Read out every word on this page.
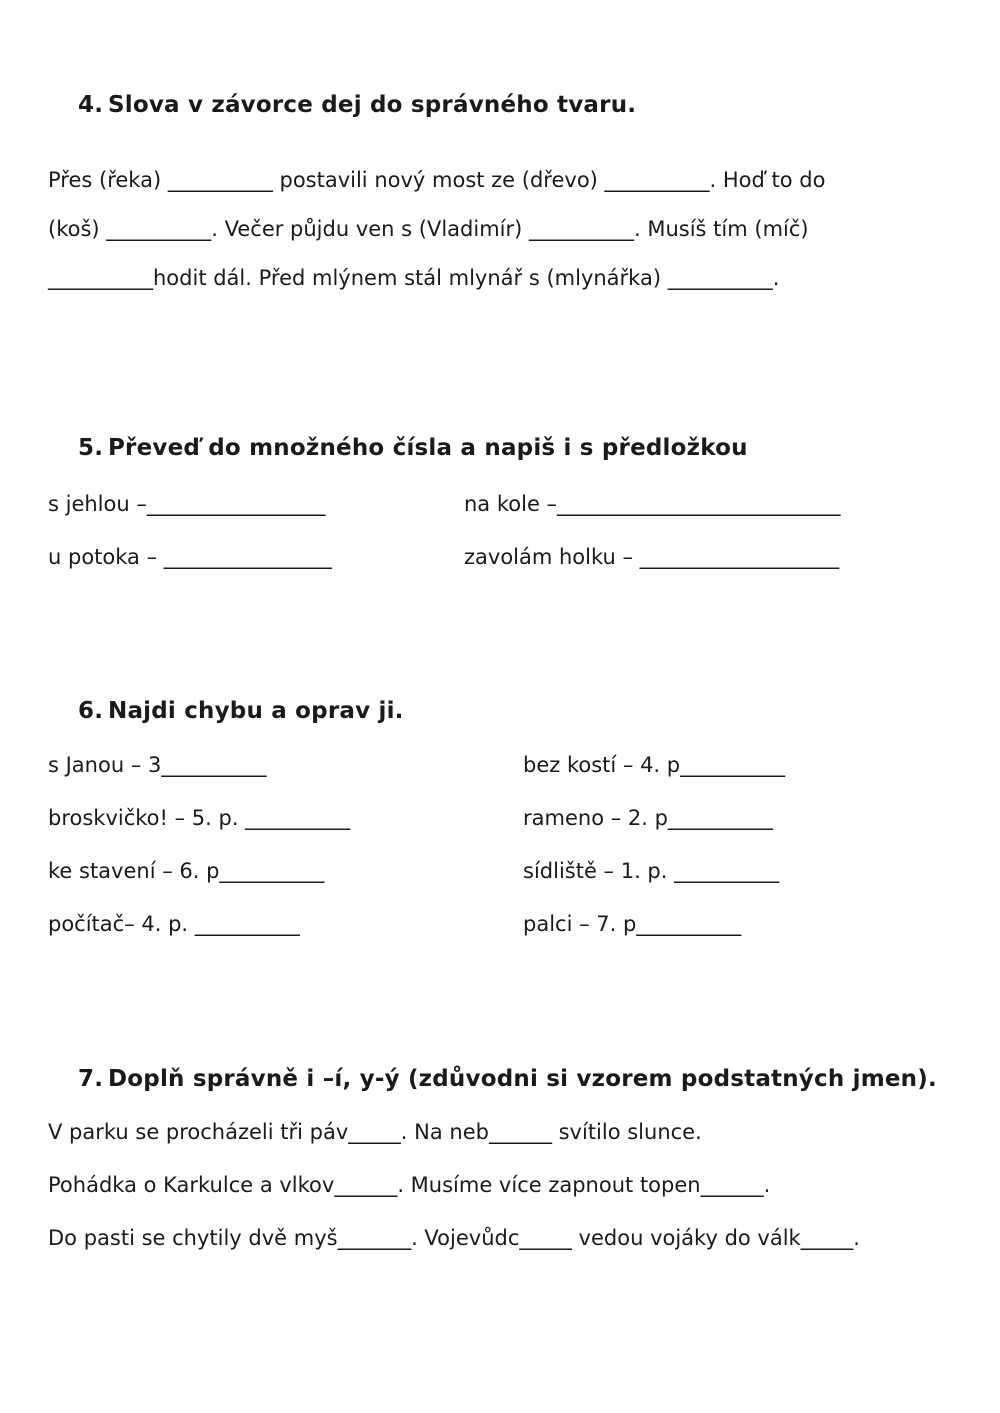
4. Slova v závorce dej do správného tvaru.
Přes (řeka) __________ postavili nový most ze (dřevo) __________. Hoď to do
(koš) __________. Večer půjdu ven s (Vladimír) __________. Musíš tím (míč)
__________hodit dál. Před mlýnem stál mlynář s (mlynářka) __________.
5. Převeď do množného čísla a napiš i s předložkou
s jehlou –_________________	na kole –___________________________
u potoka – ________________	zavolám holku – ___________________
6. Najdi chybu a oprav ji.
s Janou – 3__________	bez kostí – 4. p__________
broskvičko! – 5. p. __________	rameno – 2. p__________
ke stavení – 6. p__________	sídliště – 1. p. __________
počítač– 4. p. __________	palci – 7. p__________
7. Doplň správně i –í, y-ý (zdůvodni si vzorem podstatných jmen).
V parku se procházeli tři páv_____. Na neb______ svítilo slunce.
Pohádka o Karkulce a vlkov______. Musíme více zapnout topen______.
Do pasti se chytily dvě myš_______. Vojevůdc_____ vedou vojáky do válk_____.
